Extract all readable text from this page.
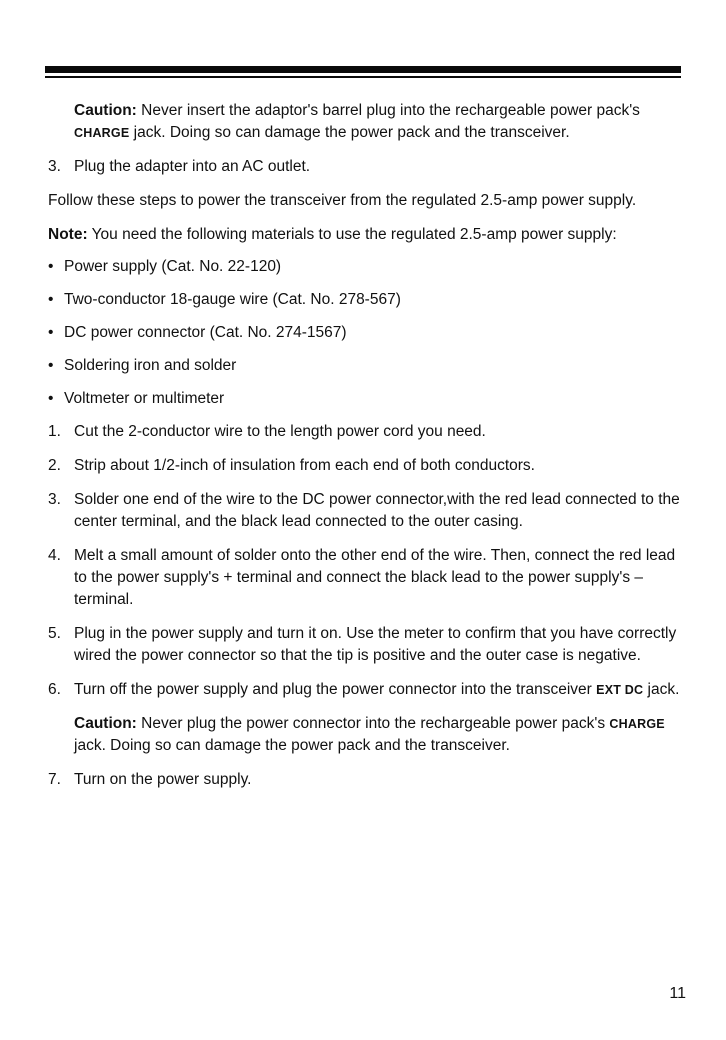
Caution: Never insert the adaptor's barrel plug into the rechargeable power pack's CHARGE jack. Doing so can damage the power pack and the transceiver.

3. Plug the adapter into an AC outlet.

Follow these steps to power the transceiver from the regulated 2.5-amp power supply.

Note: You need the following materials to use the regulated 2.5-amp power supply:

• Power supply (Cat. No. 22-120)
• Two-conductor 18-gauge wire (Cat. No. 278-567)
• DC power connector (Cat. No. 274-1567)
• Soldering iron and solder
• Voltmeter or multimeter
1. Cut the 2-conductor wire to the length power cord you need.
2. Strip about 1/2-inch of insulation from each end of both conductors.
3. Solder one end of the wire to the DC power connector,with the red lead connected to the center terminal, and the black lead connected to the outer casing.
4. Melt a small amount of solder onto the other end of the wire. Then, connect the red lead to the power supply's + terminal and connect the black lead to the power supply's – terminal.
5. Plug in the power supply and turn it on. Use the meter to confirm that you have correctly wired the power connector so that the tip is positive and the outer case is negative.
6. Turn off the power supply and plug the power connector into the transceiver EXT DC jack.

Caution: Never plug the power connector into the rechargeable power pack's CHARGE jack. Doing so can damage the power pack and the transceiver.

7. Turn on the power supply.
11
